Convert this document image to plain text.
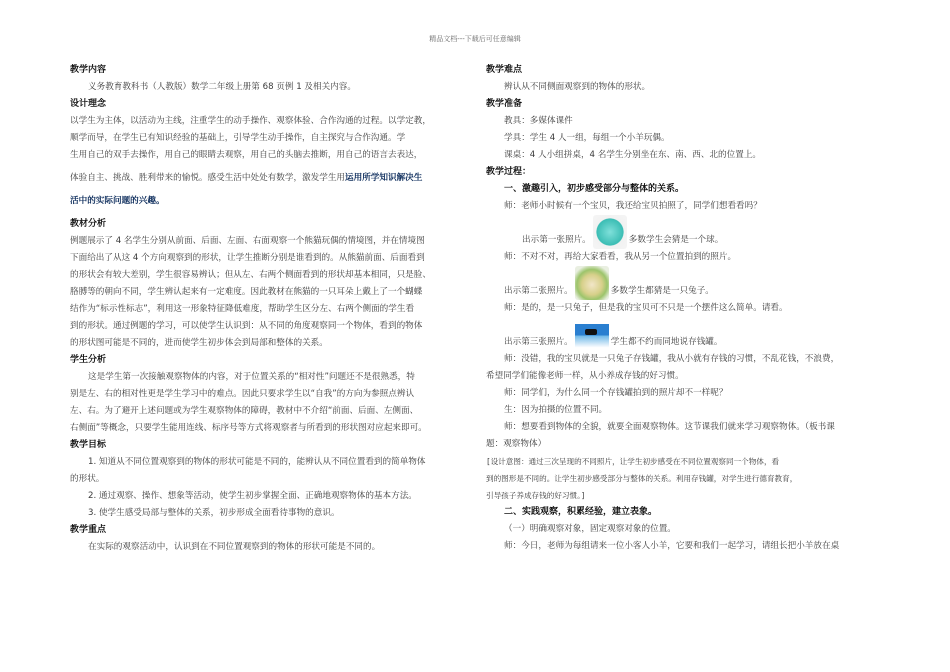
精品文档---下载后可任意编辑

教学内容

义务教育教科书（人教版）数学二年级上册第 68 页例 1 及相关内容。

设计理念

以学生为主体，以活动为主线，注重学生的动手操作、观察体验、合作沟通的过程。以学定教，

顺学而导，在学生已有知识经验的基础上，引导学生动手操作，自主探究与合作沟通。学

生用自己的双手去操作，用自己的眼睛去观察，用自己的头脑去推断，用自己的语言去表达，

体验自主、挑战、胜利带来的愉悦。感受生活中处处有数学，激发学生用运用所学知识解决生

活中的实际问题的兴趣。

教材分析

例题展示了 4 名学生分别从前面、后面、左面、右面观察一个熊猫玩偶的情境图，并在情境图

下面给出了从这 4 个方向观察到的形状，让学生推断分别是谁看到的。从熊猫前面、后面看到

的形状会有较大差别，学生很容易辨认；但从左、右两个侧面看到的形状却基本相同，只是脸、

胳膊等的朝向不同，学生辨认起来有一定难度。因此教材在熊猫的一只耳朵上戴上了一个蝴蝶

结作为“标示性标志”，利用这一形象特征降低难度，帮助学生区分左、右两个侧面的学生看

到的形状。通过例题的学习，可以使学生认识到：从不同的角度观察同一个物体，看到的物体

的形状图可能是不同的，进而使学生初步体会到局部和整体的关系。

学生分析

这是学生第一次接触观察物体的内容，对于位置关系的“相对性”问题还不是很熟悉，特

别是左、右的相对性更是学生学习中的难点。因此只要求学生以“自我”的方向为参照点辨认

左、右。为了避开上述问题或为学生观察物体的障碍，教材中不介绍“前面、后面、左侧面、

右侧面”等概念，只要学生能用连线、标序号等方式将观察者与所看到的形状图对应起来即可。

教学目标

1. 知道从不同位置观察到的物体的形状可能是不同的，能辨认从不同位置看到的简单物体

的形状。

2. 通过观察、操作、想象等活动，使学生初步掌握全面、正确地观察物体的基本方法。

3. 使学生感受局部与整体的关系，初步形成全面看待事物的意识。

教学重点

在实际的观察活动中，认识到在不同位置观察到的物体的形状可能是不同的。

教学难点

辨认从不同侧面观察到的物体的形状。

教学准备

教具：多媒体课件

学具：学生 4 人一组，每组一个小羊玩偶。

课桌：4 人小组拼桌，4 名学生分别坐在东、南、西、北的位置上。

教学过程：

一、激趣引入，初步感受部分与整体的关系。

师：老师小时候有一个宝贝，我还给宝贝拍照了，同学们想看看吗？

出示第一张照片。	多数学生会猜是一个球。

师：不对不对，再给大家看看，我从另一个位置拍到的照片。

出示第二张照片。	多数学生都猜是一只兔子。

师：是的，是一只兔子，但是我的宝贝可不只是一个摆件这么简单。请看。

出示第三张照片。	学生都不约而同地说存钱罐。

师：没错，我的宝贝就是一只兔子存钱罐，我从小就有存钱的习惯，不乱花钱，不浪费，

希望同学们能像老师一样，从小养成存钱的好习惯。

师：同学们，为什么同一个存钱罐拍到的照片却不一样呢？

生：因为拍摄的位置不同。

师：想要看到物体的全貌，就要全面观察物体。这节课我们就来学习观察物体。（板书课

题：观察物体）

[设计意图：通过三次呈现的不同照片，让学生初步感受在不同位置观察同一个物体，看

到的图形是不同的。让学生初步感受部分与整体的关系。利用存钱罐，对学生进行德育教育，

引导孩子养成存钱的好习惯。]

二、实践观察，积累经验，建立表象。

（一）明确观察对象，固定观察对象的位置。

师：今日，老师为每组请来一位小客人小羊，它要和我们一起学习，请组长把小羊放在桌
